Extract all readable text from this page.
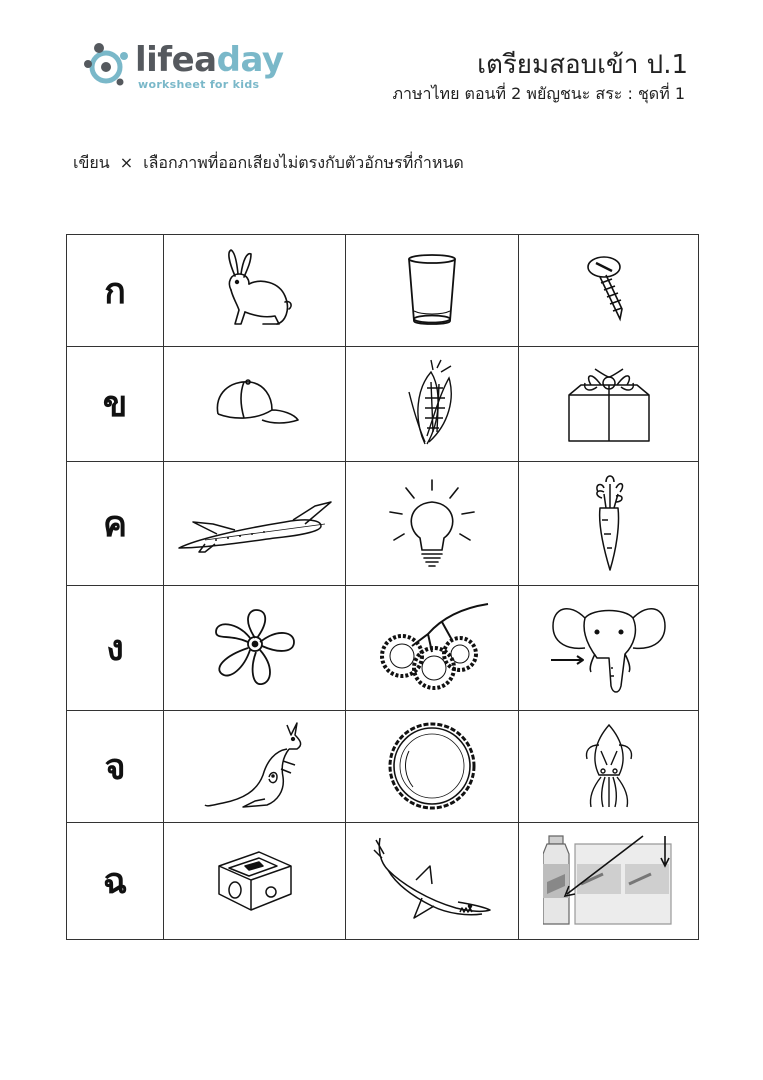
lifeaday
worksheet for kids
เตรียมสอบเข้า ป.1
ภาษาไทย ตอนที่ 2 พยัญชนะ สระ : ชุดที่ 1
เขียน × เลือกภาพที่ออกเสียงไม่ตรงกับตัวอักษรที่กำหนด
ก	

ข	

ค	

ง	

จ	

ฉ	
